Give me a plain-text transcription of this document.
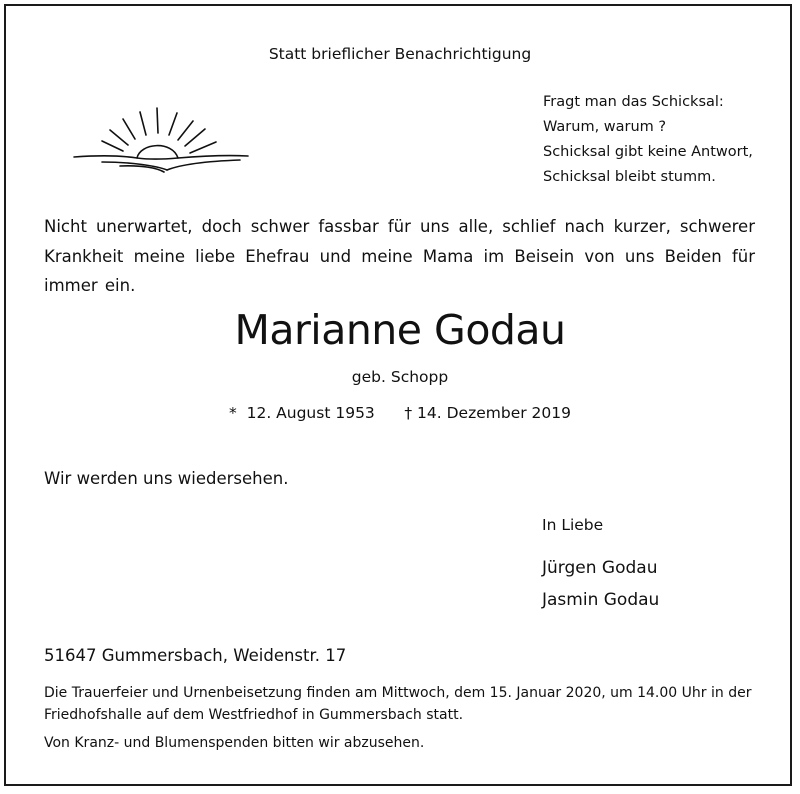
Statt brieflicher Benachrichtigung
Fragt man das Schicksal:
Warum, warum ?
Schicksal gibt keine Antwort,
Schicksal bleibt stumm.
Nicht unerwartet, doch schwer fassbar für uns alle, schlief nach kurzer, schwerer Krankheit meine liebe Ehefrau und meine Mama im Beisein von uns Beiden für immer ein.
Marianne Godau
geb. Schopp
* 12. August 1953 † 14. Dezember 2019
Wir werden uns wiedersehen.
In Liebe
Jürgen Godau
Jasmin Godau
51647 Gummersbach, Weidenstr. 17
Die Trauerfeier und Urnenbeisetzung finden am Mittwoch, dem 15. Januar 2020, um 14.00 Uhr in der Friedhofshalle auf dem Westfriedhof in Gummersbach statt.
Von Kranz- und Blumenspenden bitten wir abzusehen.
